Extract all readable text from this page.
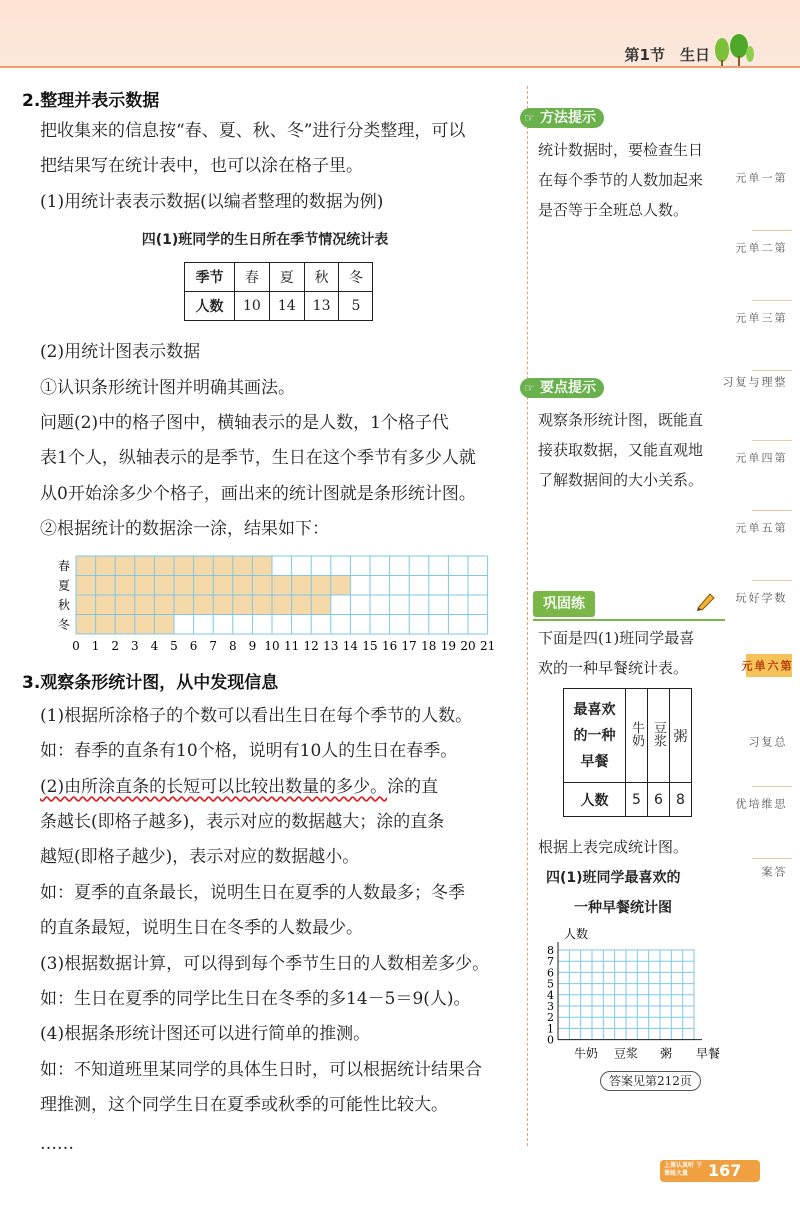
第1节　生日
2.整理并表示数据
把收集来的信息按“春、夏、秋、冬”进行分类整理，可以
把结果写在统计表中，也可以涂在格子里。
(1)用统计表表示数据(以编者整理的数据为例)
四(1)班同学的生日所在季节情况统计表
季节	春	夏	秋	冬
人数	10	14	13	5
(2)用统计图表示数据
①认识条形统计图并明确其画法。
问题(2)中的格子图中，横轴表示的是人数，1个格子代
表1个人，纵轴表示的是季节，生日在这个季节有多少人就
从0开始涂多少个格子，画出来的统计图就是条形统计图。
②根据统计的数据涂一涂，结果如下：
春
夏
秋
冬
0 1 2 3 4 5 6 7 8 9 10 11 12 13 14 15 16 17 18 19 20 21
3.观察条形统计图，从中发现信息
(1)根据所涂格子的个数可以看出生日在每个季节的人数。
如：春季的直条有10个格，说明有10人的生日在春季。
(2)由所涂直条的长短可以比较出数量的多少。涂的直
条越长(即格子越多)，表示对应的数据越大；涂的直条
越短(即格子越少)，表示对应的数据越小。
如：夏季的直条最长，说明生日在夏季的人数最多；冬季
的直条最短，说明生日在冬季的人数最少。
(3)根据数据计算，可以得到每个季节生日的人数相差多少。
如：生日在夏季的同学比生日在冬季的多14－5＝9(人)。
(4)根据条形统计图还可以进行简单的推测。
如：不知道班里某同学的具体生日时，可以根据统计结果合
理推测，这个同学生日在夏季或秋季的可能性比较大。
……
☞ 方法提示
统计数据时，要检查生日
在每个季节的人数加起来
是否等于全班总人数。
☞ 要点提示
观察条形统计图，既能直
接获取数据，又能直观地
了解数据间的大小关系。
巩固练
下面是四(1)班同学最喜
欢的一种早餐统计表。
最喜欢的一种早餐	牛奶	豆浆	粥
人数	5	6	8
根据上表完成统计图。
四(1)班同学最喜欢的
一种早餐统计图
人数
8
7
6
5
4
3
2
1
0
牛奶 豆浆 粥 早餐
答案见第212页
第一单元
第二单元
第三单元
整理与复习
第四单元
第五单元
数学好玩
第六单元
总复习
思维培优
答案
上课认真听 下课练大量	167
